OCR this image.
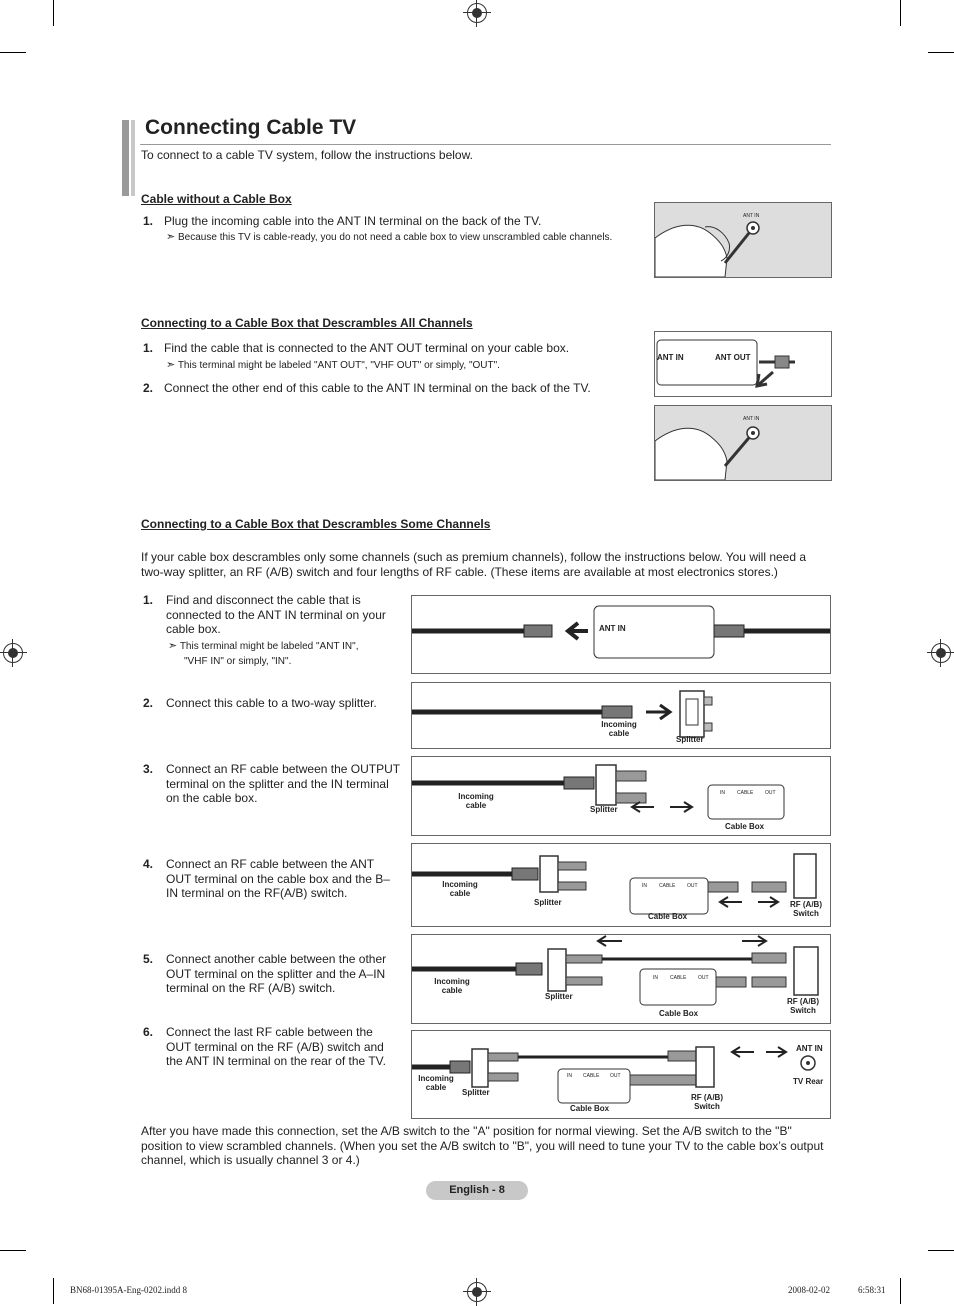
Connecting Cable TV
To connect to a cable TV system, follow the instructions below.
Cable without a Cable Box
1. Plug the incoming cable into the ANT IN terminal on the back of the TV.
➣ Because this TV is cable-ready, you do not need a cable box to view unscrambled cable channels.
ANT IN
Connecting to a Cable Box that Descrambles All Channels
1. Find the cable that is connected to the ANT OUT terminal on your cable box.
➣ This terminal might be labeled "ANT OUT", "VHF OUT" or simply, "OUT".
2. Connect the other end of this cable to the ANT IN terminal on the back of the TV.
ANT IN	ANT OUT
ANT IN
Connecting to a Cable Box that Descrambles Some Channels
If your cable box descrambles only some channels (such as premium channels), follow the instructions below. You will need a two-way splitter, an RF (A/B) switch and four lengths of RF cable. (These items are available at most electronics stores.)
1. Find and disconnect the cable that is connected to the ANT IN terminal on your cable box.
➣ This terminal might be labeled "ANT IN",
"VHF IN" or simply, "IN".
2. Connect this cable to a two-way splitter.
3. Connect an RF cable between the OUTPUT terminal on the splitter and the IN terminal on the cable box.
4. Connect an RF cable between the ANT OUT terminal on the cable box and the B–IN terminal on the RF(A/B) switch.
5. Connect another cable between the other OUT terminal on the splitter and the A–IN terminal on the RF (A/B) switch.
6. Connect the last RF cable between the OUT terminal on the RF (A/B) switch and the ANT IN terminal on the rear of the TV.
ANT IN
Incoming
cable
Splitter
Incoming
cable	Splitter
IN CABLE OUT
Cable Box
Incoming
cable
Splitter
IN CABLE OUT
Cable Box
RF (A/B)
Switch
Incoming
cable
Splitter
IN CABLE OUT
Cable Box
RF (A/B)
Switch
ANT IN
Incoming
cable
Splitter
IN CABLE OUT
Cable Box
RF (A/B)
Switch
TV Rear
After you have made this connection, set the A/B switch to the "A" position for normal viewing. Set the A/B switch to the "B" position to view scrambled channels. (When you set the A/B switch to "B", you will need to tune your TV to the cable box’s output channel, which is usually channel 3 or 4.)
English - 8
BN68-01395A-Eng-0202.indd 8	2008-02-02	6:58:31
